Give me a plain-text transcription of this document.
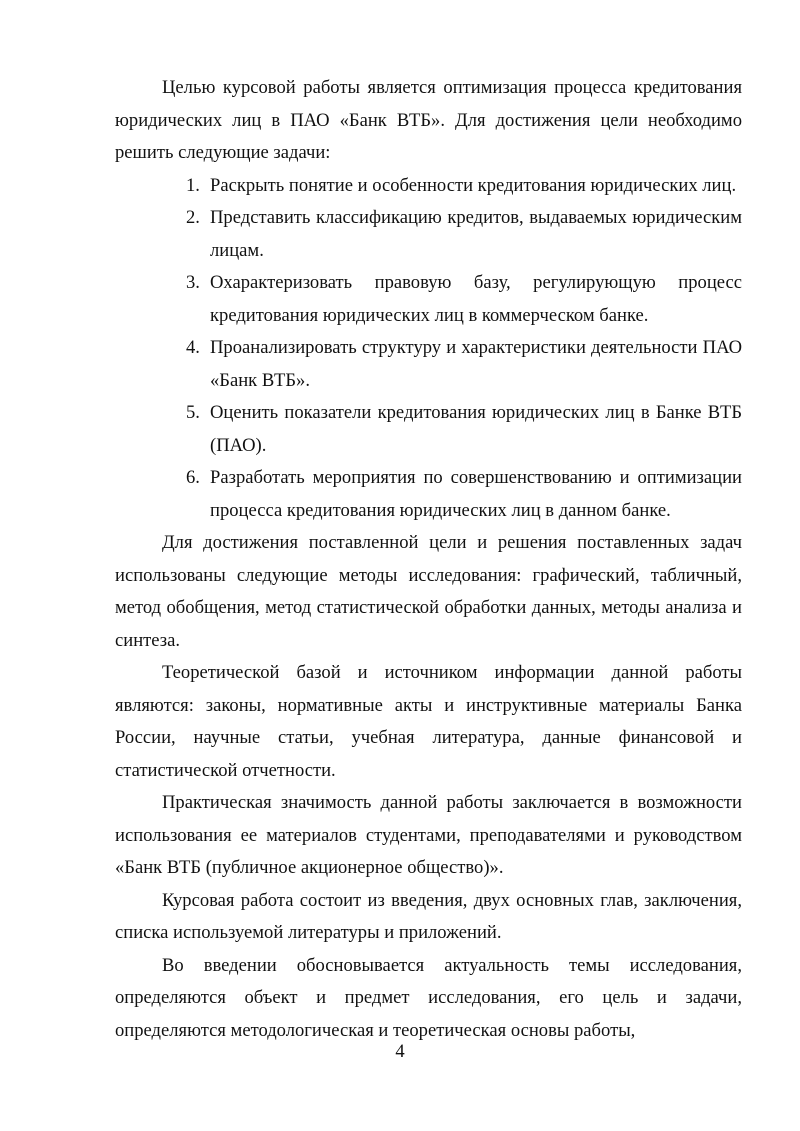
Целью курсовой работы является оптимизация процесса кредитования юридических лиц в ПАО «Банк ВТБ». Для достижения цели необходимо решить следующие задачи:

1. Раскрыть понятие и особенности кредитования юридических лиц.
2. Представить классификацию кредитов, выдаваемых юридическим лицам.
3. Охарактеризовать правовую базу, регулирующую процесс кредитования юридических лиц в коммерческом банке.
4. Проанализировать структуру и характеристики деятельности ПАО «Банк ВТБ».
5. Оценить показатели кредитования юридических лиц в Банке ВТБ (ПАО).
6. Разработать мероприятия по совершенствованию и оптимизации процесса кредитования юридических лиц в данном банке.

Для достижения поставленной цели и решения поставленных задач использованы следующие методы исследования: графический, табличный, метод обобщения, метод статистической обработки данных, методы анализа и синтеза.

Теоретической базой и источником информации данной работы являются: законы, нормативные акты и инструктивные материалы Банка России, научные статьи, учебная литература, данные финансовой и статистической отчетности.

Практическая значимость данной работы заключается в возможности использования ее материалов студентами, преподавателями и руководством «Банк ВТБ (публичное акционерное общество)».

Курсовая работа состоит из введения, двух основных глав, заключения, списка используемой литературы и приложений.

Во введении обосновывается актуальность темы исследования, определяются объект и предмет исследования, его цель и задачи, определяются методологическая и теоретическая основы работы,

4
